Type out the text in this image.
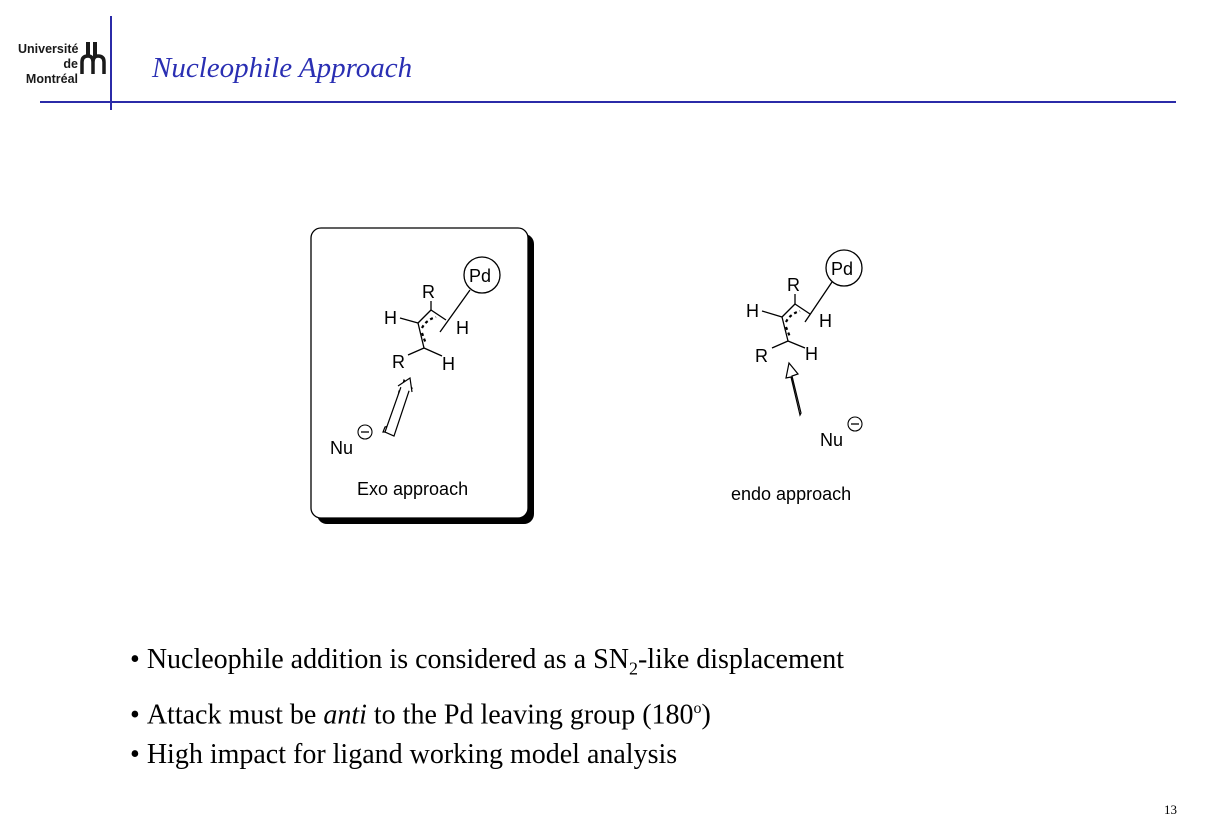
Université
de Montréal	Nucleophile Approach
Pd
R
H	H
R H
Nu
Exo approach
Pd
R
H	H
R H
Nu
endo approach
• Nucleophile addition is considered as a $SN_2$-like displacement
• Attack must be anti to the Pd leaving group (180$^o$)
• High impact for ligand working model analysis
13
